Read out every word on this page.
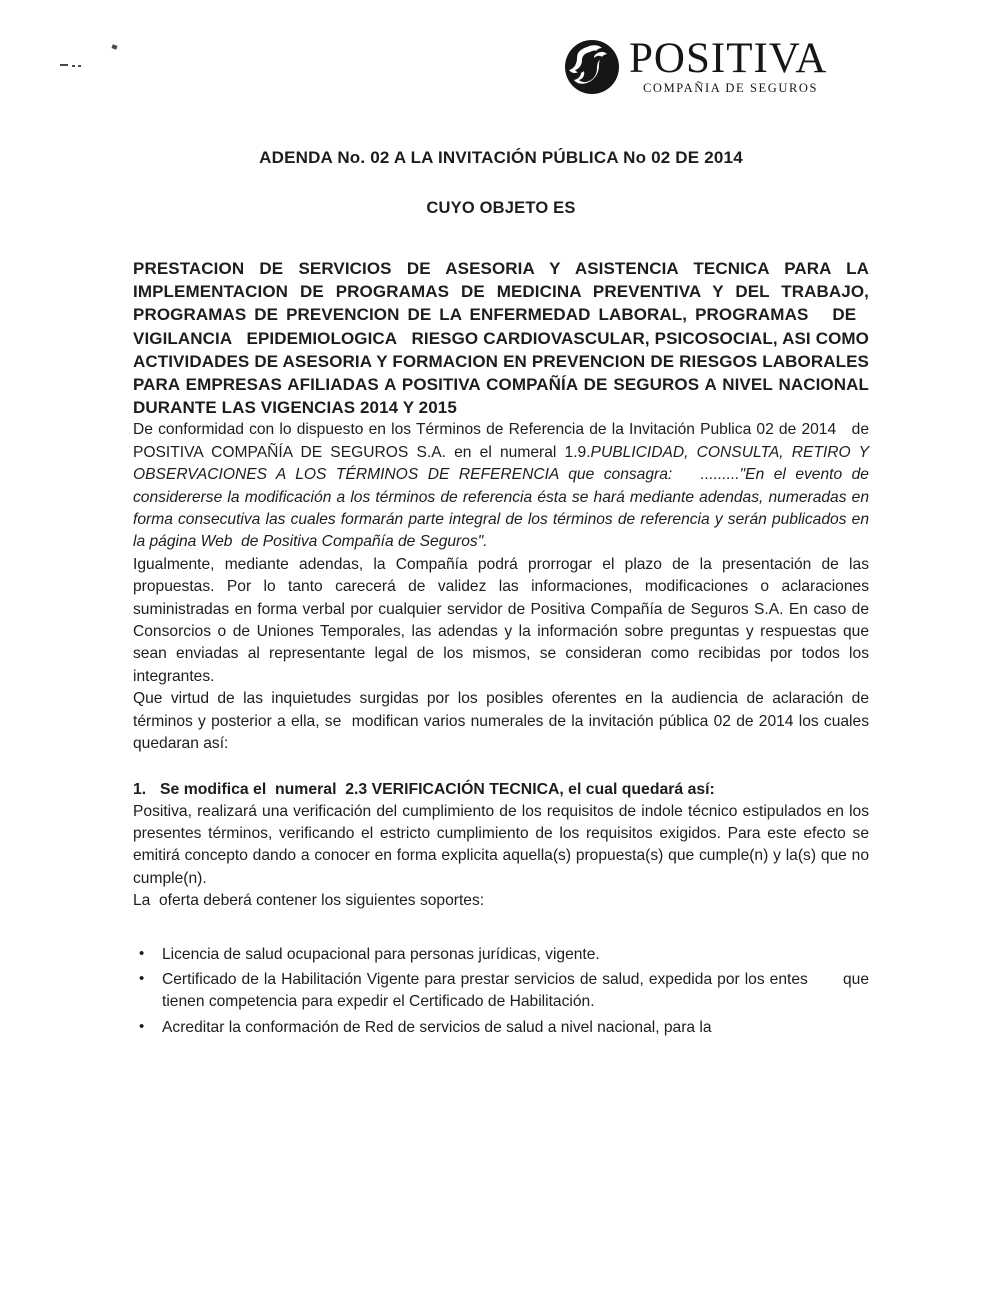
POSITIVA
COMPAÑIA DE SEGUROS
ADENDA No. 02 A LA INVITACIÓN PÚBLICA No 02 DE 2014
CUYO OBJETO ES

PRESTACION DE SERVICIOS DE ASESORIA Y ASISTENCIA TECNICA PARA LA IMPLEMENTACION DE PROGRAMAS DE MEDICINA PREVENTIVA Y DEL TRABAJO, PROGRAMAS DE PREVENCION DE LA ENFERMEDAD LABORAL, PROGRAMAS   DE   VIGILANCIA   EPIDEMIOLOGICA   RIESGO CARDIOVASCULAR, PSICOSOCIAL, ASI COMO ACTIVIDADES DE ASESORIA Y FORMACION EN PREVENCION DE RIESGOS LABORALES PARA EMPRESAS AFILIADAS A POSITIVA COMPAÑÍA DE SEGUROS A NIVEL NACIONAL DURANTE LAS VIGENCIAS 2014 Y 2015

De conformidad con lo dispuesto en los Términos de Referencia de la Invitación Publica 02 de 2014   de POSITIVA COMPAÑÍA DE SEGUROS S.A. en el numeral 1.9.PUBLICIDAD, CONSULTA, RETIRO Y OBSERVACIONES A LOS TÉRMINOS DE REFERENCIA que consagra:   ........."En el evento de considererse la modificación a los términos de referencia ésta se hará mediante adendas, numeradas en forma consecutiva las cuales formarán parte integral de los términos de referencia y serán publicados en la página Web  de Positiva Compañía de Seguros".

Igualmente, mediante adendas, la Compañía podrá prorrogar el plazo de la presentación de las propuestas. Por lo tanto carecerá de validez las informaciones, modificaciones o aclaraciones suministradas en forma verbal por cualquier servidor de Positiva Compañía de Seguros S.A. En caso de Consorcios o de Uniones Temporales, las adendas y la información sobre preguntas y respuestas que sean enviadas al representante legal de los mismos, se consideran como recibidas por todos los integrantes.

Que virtud de las inquietudes surgidas por los posibles oferentes en la audiencia de aclaración de términos y posterior a ella, se  modifican varios numerales de la invitación pública 02 de 2014 los cuales quedaran así:

1. Se modifica el  numeral  2.3 VERIFICACIÓN TECNICA, el cual quedará así:

Positiva, realizará una verificación del cumplimiento de los requisitos de indole técnico estipulados en los presentes términos, verificando el estricto cumplimiento de los requisitos exigidos. Para este efecto se emitirá concepto dando a conocer en forma explicita aquella(s) propuesta(s) que cumple(n) y la(s) que no cumple(n).

La  oferta deberá contener los siguientes soportes:

• Licencia de salud ocupacional para personas jurídicas, vigente.
• Certificado de la Habilitación Vigente para prestar servicios de salud, expedida por los entes       que tienen competencia para expedir el Certificado de Habilitación.
• Acreditar la conformación de Red de servicios de salud a nivel nacional, para la
